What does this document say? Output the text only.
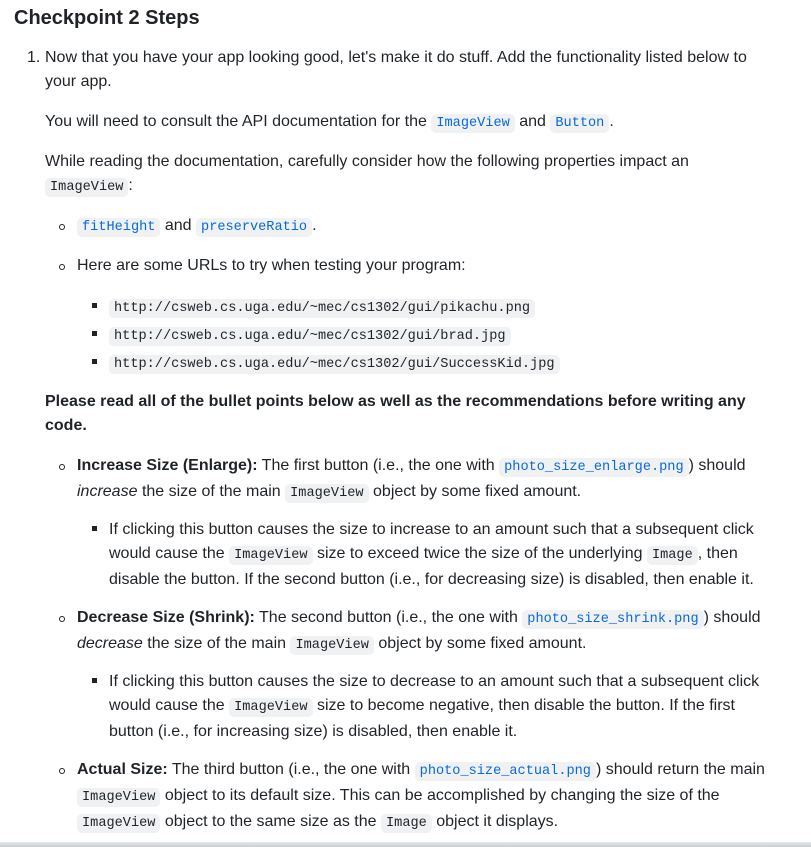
Checkpoint 2 Steps
1. Now that you have your app looking good, let's make it do stuff. Add the functionality listed below to
your app.

You will need to consult the API documentation for the ImageView and Button .

While reading the documentation, carefully consider how the following properties impact an
ImageView :

fitHeight and preserveRatio .

Here are some URLs to try when testing your program:

http://csweb.cs.uga.edu/~mec/cs1302/gui/pikachu.png

http://csweb.cs.uga.edu/~mec/cs1302/gui/brad.jpg

http://csweb.cs.uga.edu/~mec/cs1302/gui/SuccessKid.jpg

Please read all of the bullet points below as well as the recommendations before writing any
code.

Increase Size (Enlarge): The first button (i.e., the one with photo_size_enlarge.png ) should
increase the size of the main ImageView object by some fixed amount.

If clicking this button causes the size to increase to an amount such that a subsequent click
would cause the ImageView size to exceed twice the size of the underlying Image , then
disable the button. If the second button (i.e., for decreasing size) is disabled, then enable it.

Decrease Size (Shrink): The second button (i.e., the one with photo_size_shrink.png ) should
decrease the size of the main ImageView object by some fixed amount.

If clicking this button causes the size to decrease to an amount such that a subsequent click
would cause the ImageView size to become negative, then disable the button. If the first
button (i.e., for increasing size) is disabled, then enable it.

Actual Size: The third button (i.e., the one with photo_size_actual.png ) should return the main
ImageView object to its default size. This can be accomplished by changing the size of the
ImageView object to the same size as the Image object it displays.
